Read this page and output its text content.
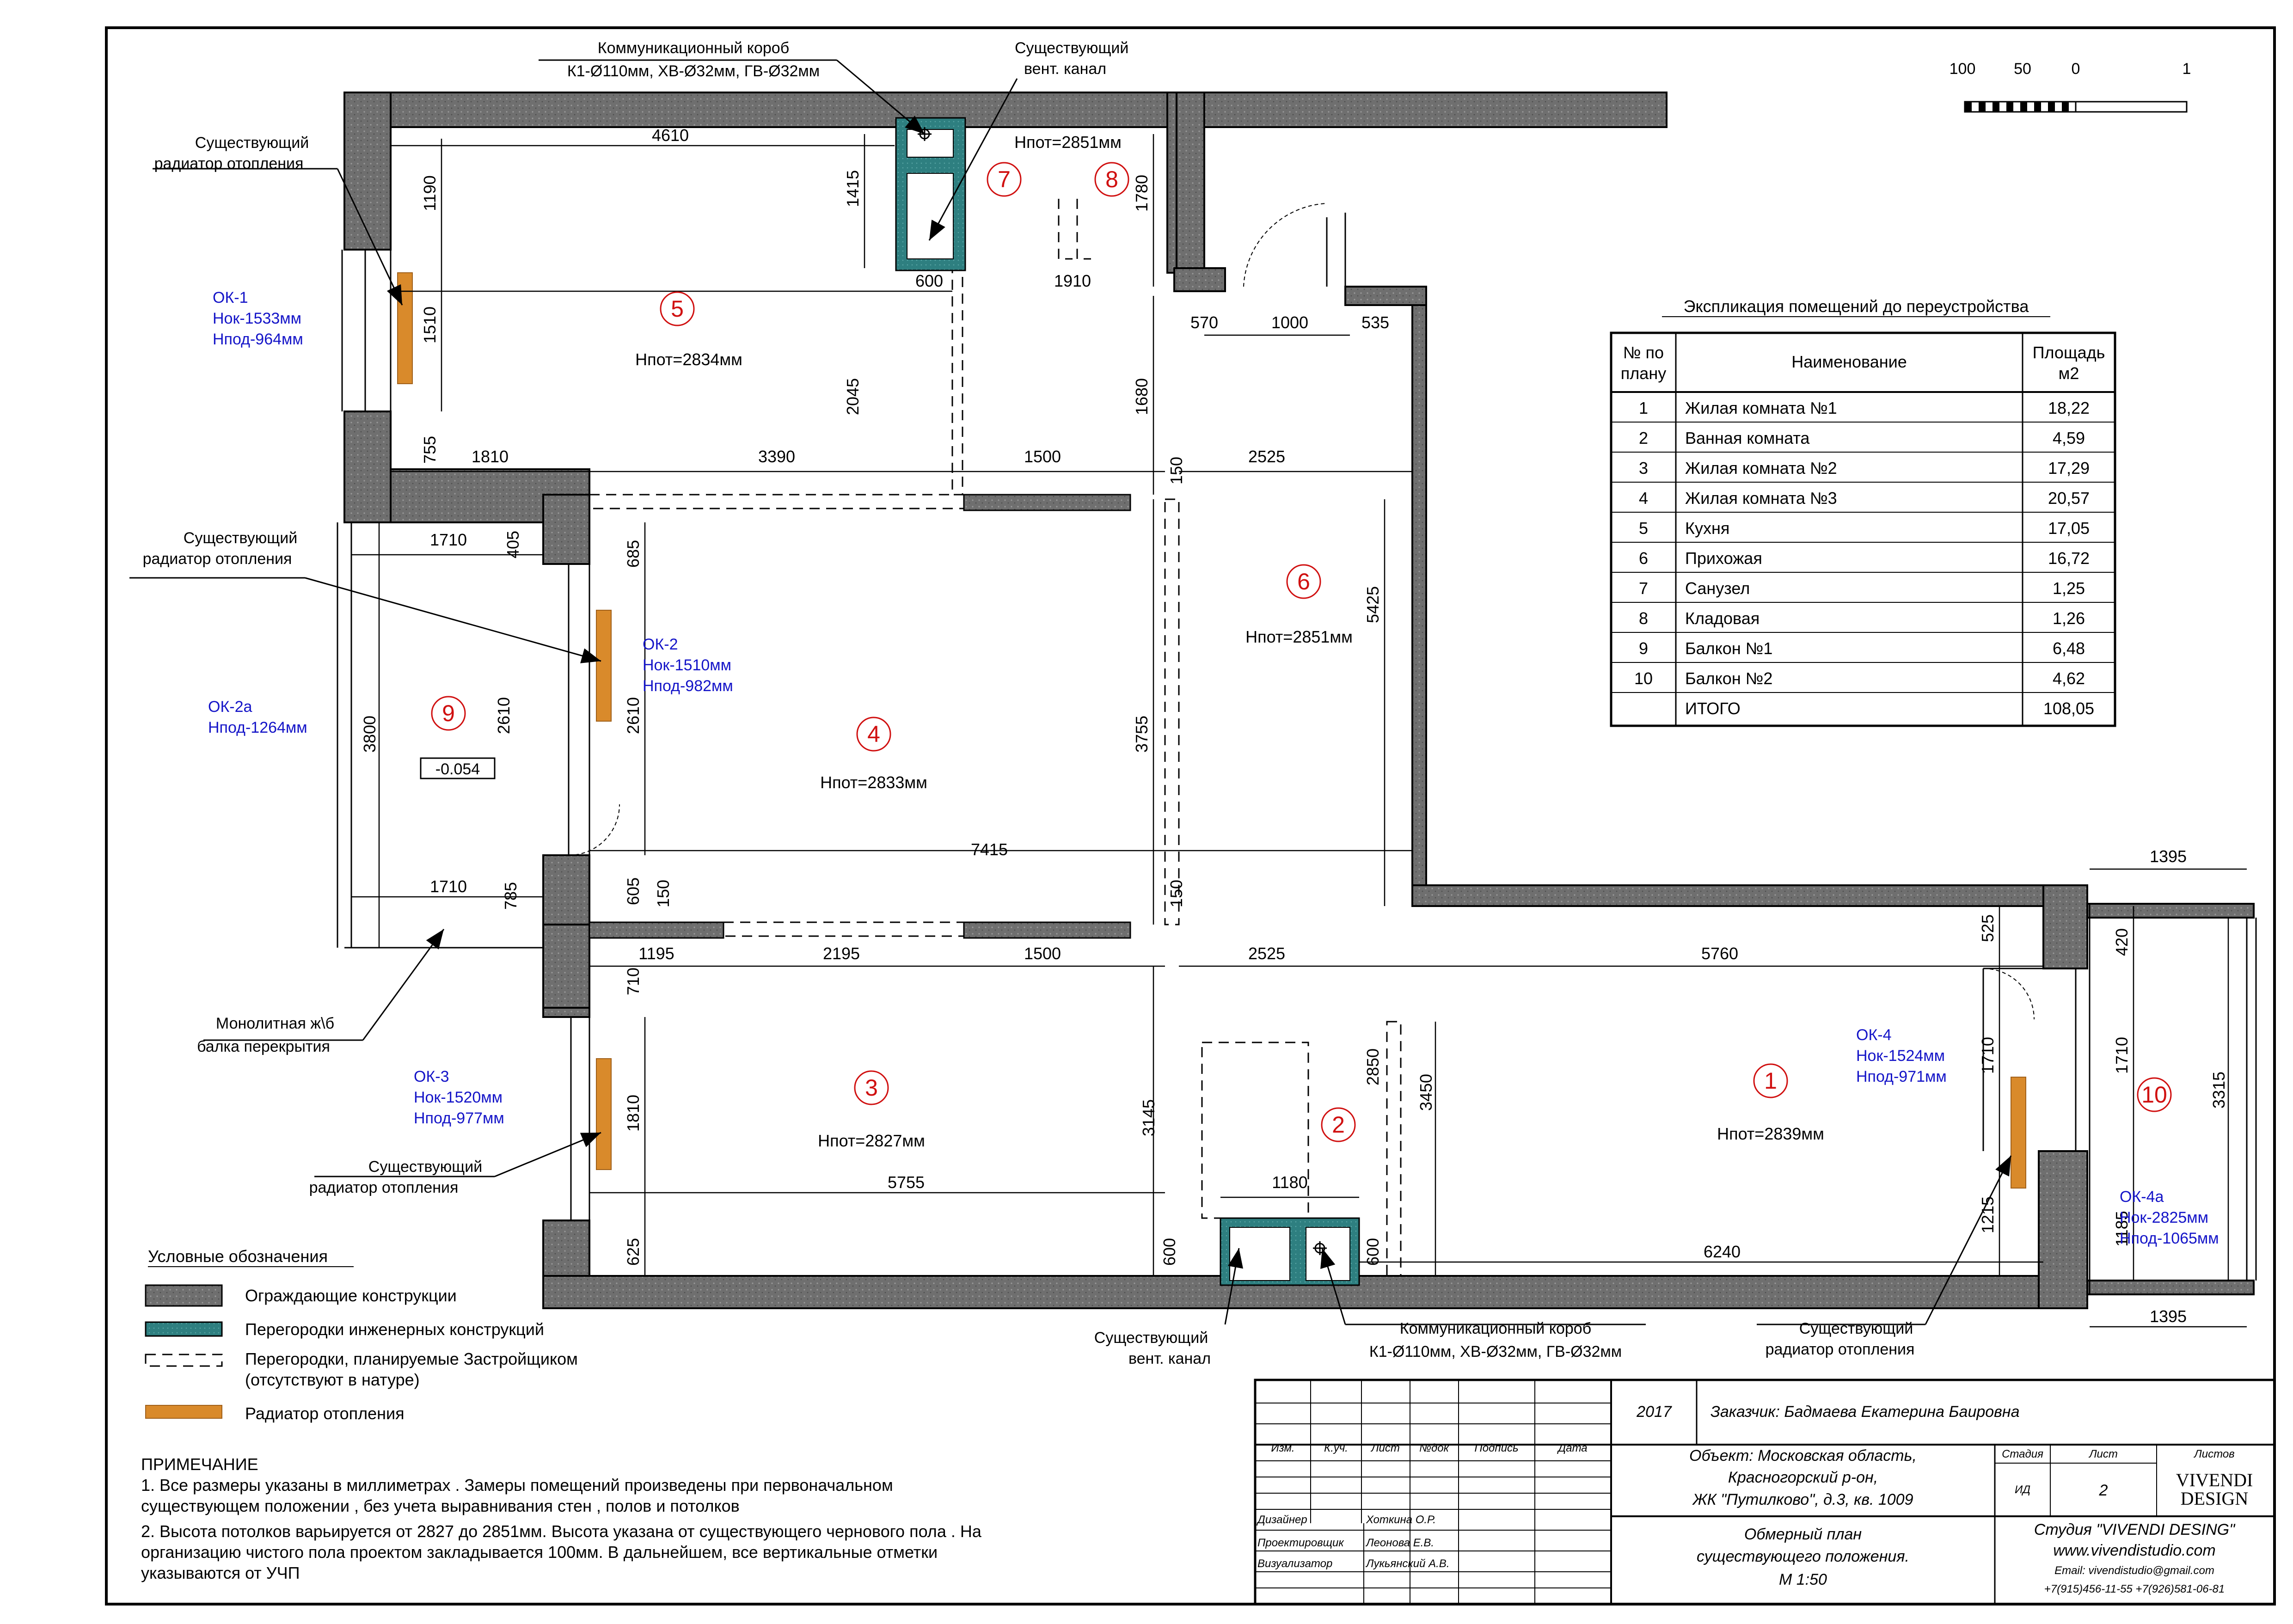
4610
1190
1510
755
1415
1910
600
1780
570	1000	535
2045	1680
1810	3390	1500	2525
150
685
405
1710
2610	2610
3800
5425
3755
7415
605 150
785
1710
1195	2195	1500	2525
150
5760
525	420
1395
710
1810
625
3145
2850
3450
1180
600	600
5755
6240
1710	1710
3315
1215	1185
1395
5
Нпот=2834мм
7	8
Нпот=2851мм
6
Нпот=2851мм
4
Нпот=2833мм
9
3
Нпот=2827мм
2
1
Нпот=2839мм
10
-0.054
ОК-1
Нок-1533мм
Нпод-964мм
ОК-2
Нок-1510мм
Нпод-982мм
ОК-2а
Нпод-1264мм
ОК-3
Нок-1520мм
Нпод-977мм
ОК-4
Нок-1524мм
Нпод-971мм
ОК-4а
Нок-2825мм
Нпод-1065мм
Коммуникационный короб
К1-Ø110мм, ХВ-Ø32мм, ГВ-Ø32мм
Существующий
вент. канал
Существующий
радиатор отопления
Существующий
радиатор отопления
Монолитная ж\б
балка перекрытия
Существующий
радиатор отопления
Существующий
вент. канал
Коммуникационный короб
К1-Ø110мм, ХВ-Ø32мм, ГВ-Ø32мм
Существующий
радиатор отопления
100 50	0	1
Экспликация помещений до переустройства
№ по
плану
Наименование	Площадь
м2
1 Жилая комната №1	18,22
2 Ванная комната	4,59
3 Жилая комната №2	17,29
4 Жилая комната №3	20,57
5 Кухня	17,05
6 Прихожая	16,72
7 Санузел	1,25
8 Кладовая	1,26
9 Балкон №1	6,48
10 Балкон №2	4,62
ИТОГО	108,05
Условные обозначения
Ограждающие конструкции
Перегородки инженерных конструкций
Перегородки, планируемые Застройщиком
(отсутствуют в натуре)
Радиатор отопления
ПРИМЕЧАНИЕ
1. Все размеры указаны в миллиметрах . Замеры помещений произведены при первоначальном
существующем положении , без учета выравнивания стен , полов и потолков
2. Высота потолков варьируется от 2827 до 2851мм. Высота указана от существующего чернового пола . На
организацию чистого пола проектом закладывается 100мм. В дальнейшем, все вертикальные отметки
указываются от УЧП
2017 Заказчик: Бадмаева Екатерина Баировна
Изм.	К.уч. Лист №док Подпись	Дата	Объект: Московская область,
Красногорский р-он,
ЖК "Путилково", д.3, кв. 1009
Стадия	Лист	Листов
ИД	2	VIVENDI
DESIGN
Дизайнер	Хоткина О.Р.
Проектировщик Леонова Е.В.
Визуализатор	Лукьянский А.В.
Обмерный план
существующего положения.
М 1:50
Студия "VIVENDI DESING"
www.vivendistudio.com
Email: vivendistudio@gmail.com
+7(915)456-11-55 +7(926)581-06-81
